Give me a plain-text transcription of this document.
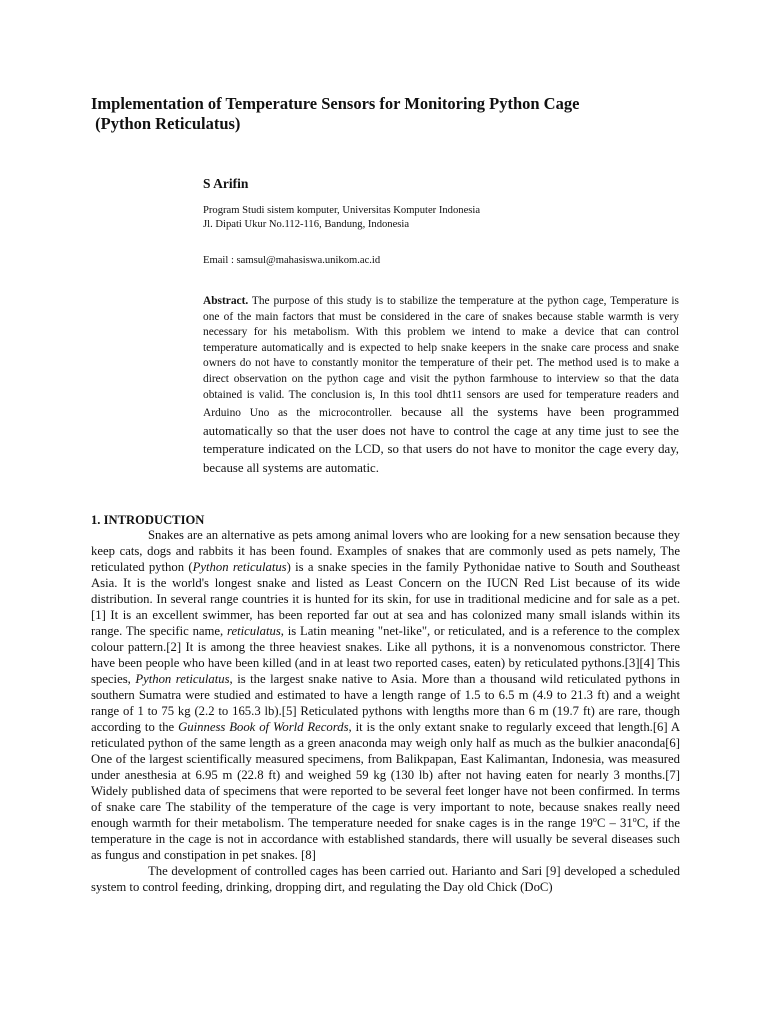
Implementation of Temperature Sensors for Monitoring Python Cage
(Python Reticulatus)

S Arifin

Program Studi sistem komputer, Universitas Komputer Indonesia
Jl. Dipati Ukur No.112-116, Bandung, Indonesia
Email : samsul@mahasiswa.unikom.ac.id

Abstract. The purpose of this study is to stabilize the temperature at the python cage, Temperature is one of the main factors that must be considered in the care of snakes because stable warmth is very necessary for his metabolism. With this problem we intend to make a device that can control temperature automatically and is expected to help snake keepers in the snake care process and snake owners do not have to constantly monitor the temperature of their pet. The method used is to make a direct observation on the python cage and visit the python farmhouse to interview so that the data obtained is valid. The conclusion is, In this tool dht11 sensors are used for temperature readers and Arduino Uno as the microcontroller. because all the systems have been programmed automatically so that the user does not have to control the cage at any time just to see the temperature indicated on the LCD, so that users do not have to monitor the cage every day, because all systems are automatic.

1. INTRODUCTION

Snakes are an alternative as pets among animal lovers who are looking for a new sensation because they keep cats, dogs and rabbits it has been found. Examples of snakes that are commonly used as pets namely, The reticulated python (Python reticulatus) is a snake species in the family Pythonidae native to South and Southeast Asia. It is the world's longest snake and listed as Least Concern on the IUCN Red List because of its wide distribution. In several range countries it is hunted for its skin, for use in traditional medicine and for sale as a pet.[1] It is an excellent swimmer, has been reported far out at sea and has colonized many small islands within its range. The specific name, reticulatus, is Latin meaning "net-like", or reticulated, and is a reference to the complex colour pattern.[2] It is among the three heaviest snakes. Like all pythons, it is a nonvenomous constrictor. There have been people who have been killed (and in at least two reported cases, eaten) by reticulated pythons.[3][4] This species, Python reticulatus, is the largest snake native to Asia. More than a thousand wild reticulated pythons in southern Sumatra were studied and estimated to have a length range of 1.5 to 6.5 m (4.9 to 21.3 ft) and a weight range of 1 to 75 kg (2.2 to 165.3 lb).[5] Reticulated pythons with lengths more than 6 m (19.7 ft) are rare, though according to the Guinness Book of World Records, it is the only extant snake to regularly exceed that length.[6] A reticulated python of the same length as a green anaconda may weigh only half as much as the bulkier anaconda[6] One of the largest scientifically measured specimens, from Balikpapan, East Kalimantan, Indonesia, was measured under anesthesia at 6.95 m (22.8 ft) and weighed 59 kg (130 lb) after not having eaten for nearly 3 months.[7] Widely published data of specimens that were reported to be several feet longer have not been confirmed. In terms of snake care The stability of the temperature of the cage is very important to note, because snakes really need enough warmth for their metabolism. The temperature needed for snake cages is in the range 19$^o$C – 31$^o$C, if the temperature in the cage is not in accordance with established standards, there will usually be several diseases such as fungus and constipation in pet snakes. [8]

The development of controlled cages has been carried out. Harianto and Sari [9] developed a scheduled system to control feeding, drinking, dropping dirt, and regulating the Day old Chick (DoC)
